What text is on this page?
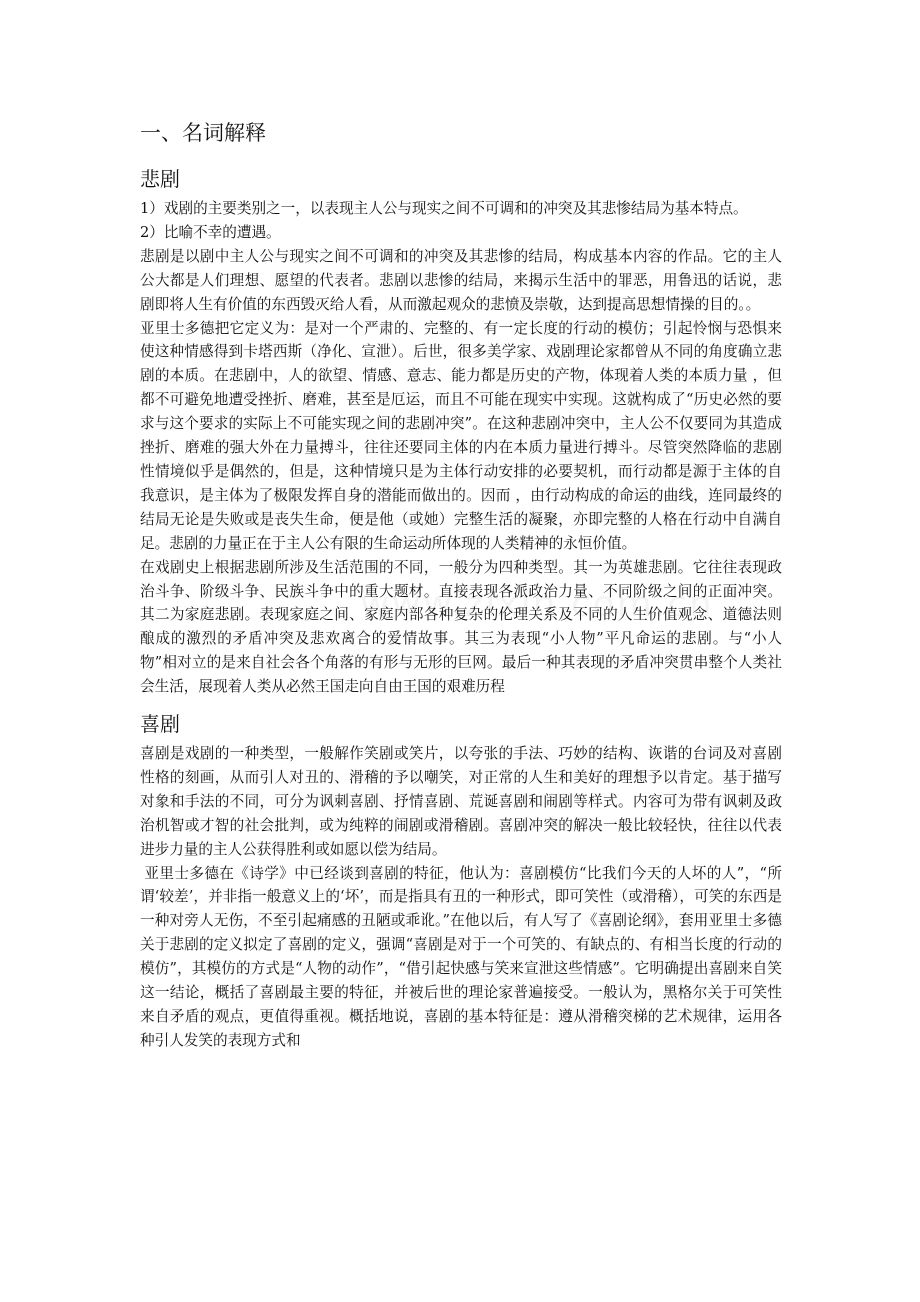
一、名词解释
悲剧

1）戏剧的主要类别之一，以表现主人公与现实之间不可调和的冲突及其悲惨结局为基本特点。

2）比喻不幸的遭遇。

悲剧是以剧中主人公与现实之间不可调和的冲突及其悲惨的结局，构成基本内容的作品。它的主人公大都是人们理想、愿望的代表者。悲剧以悲惨的结局，来揭示生活中的罪恶，用鲁迅的话说，悲剧即将人生有价值的东西毁灭给人看，从而激起观众的悲愤及崇敬，达到提高思想情操的目的。。

亚里士多德把它定义为：是对一个严肃的、完整的、有一定长度的行动的模仿；引起怜悯与恐惧来使这种情感得到卡塔西斯（净化、宣泄）。后世，很多美学家、戏剧理论家都曾从不同的角度确立悲剧的本质。在悲剧中，人的欲望、情感、意志、能力都是历史的产物，体现着人类的本质力量 ，但都不可避免地遭受挫折、磨难，甚至是厄运，而且不可能在现实中实现。这就构成了“历史必然的要求与这个要求的实际上不可能实现之间的悲剧冲突”。在这种悲剧冲突中，主人公不仅要同为其造成挫折、磨难的强大外在力量搏斗，往往还要同主体的内在本质力量进行搏斗。尽管突然降临的悲剧性情境似乎是偶然的，但是，这种情境只是为主体行动安排的必要契机，而行动都是源于主体的自我意识，是主体为了极限发挥自身的潜能而做出的。因而 ，由行动构成的命运的曲线，连同最终的结局无论是失败或是丧失生命，便是他（或她）完整生活的凝聚，亦即完整的人格在行动中自满自足。悲剧的力量正在于主人公有限的生命运动所体现的人类精神的永恒价值。

在戏剧史上根据悲剧所涉及生活范围的不同，一般分为四种类型。其一为英雄悲剧。它往往表现政治斗争、阶级斗争、民族斗争中的重大题材。直接表现各派政治力量、不同阶级之间的正面冲突。其二为家庭悲剧。表现家庭之间、家庭内部各种复杂的伦理关系及不同的人生价值观念、道德法则酿成的激烈的矛盾冲突及悲欢离合的爱情故事。其三为表现“小人物”平凡命运的悲剧。与“小人物”相对立的是来自社会各个角落的有形与无形的巨网。最后一种其表现的矛盾冲突贯串整个人类社会生活，展现着人类从必然王国走向自由王国的艰难历程

喜剧

喜剧是戏剧的一种类型，一般解作笑剧或笑片，以夸张的手法、巧妙的结构、诙谐的台词及对喜剧性格的刻画，从而引人对丑的、滑稽的予以嘲笑，对正常的人生和美好的理想予以肯定。基于描写对象和手法的不同，可分为讽刺喜剧、抒情喜剧、荒诞喜剧和闹剧等样式。内容可为带有讽刺及政治机智或才智的社会批判，或为纯粹的闹剧或滑稽剧。喜剧冲突的解决一般比较轻快，往往以代表进步力量的主人公获得胜利或如愿以偿为结局。

亚里士多德在《诗学》中已经谈到喜剧的特征，他认为：喜剧模仿“比我们今天的人坏的人”，“所谓‘较差’，并非指一般意义上的‘坏’，而是指具有丑的一种形式，即可笑性（或滑稽），可笑的东西是一种对旁人无伤，不至引起痛感的丑陋或乖讹。”在他以后，有人写了《喜剧论纲》，套用亚里士多德关于悲剧的定义拟定了喜剧的定义，强调“喜剧是对于一个可笑的、有缺点的、有相当长度的行动的模仿”，其模仿的方式是“人物的动作”，“借引起快感与笑来宣泄这些情感”。它明确提出喜剧来自笑这一结论，概括了喜剧最主要的特征，并被后世的理论家普遍接受。一般认为，黑格尔关于可笑性来自矛盾的观点，更值得重视。概括地说，喜剧的基本特征是：遵从滑稽突梯的艺术规律，运用各种引人发笑的表现方式和
